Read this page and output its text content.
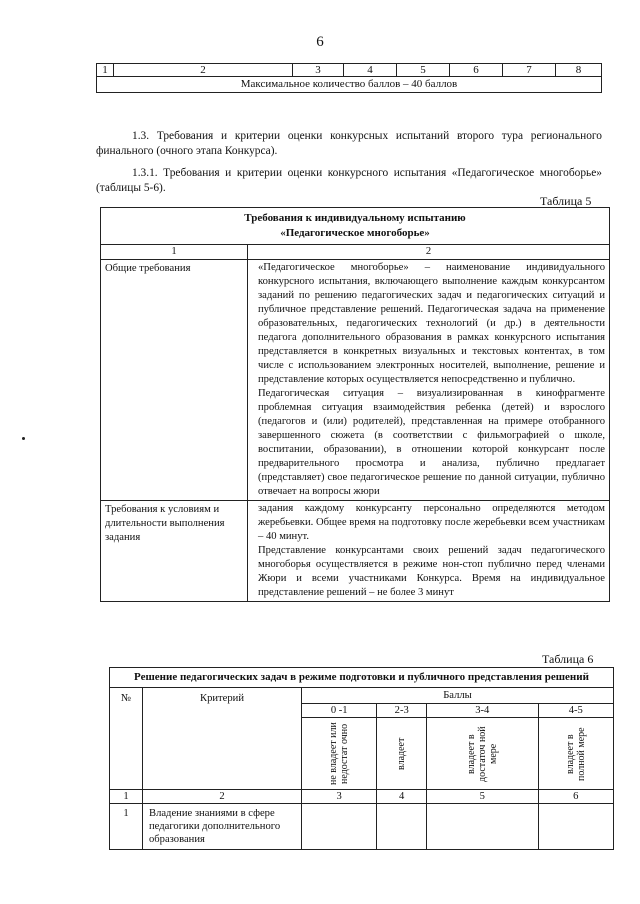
6
1	2	3	4	5	6	7	8
Максимальное количество баллов – 40 баллов
1.3. Требования и критерии оценки конкурсных испытаний второго тура регионального финального (очного этапа Конкурса).
1.3.1. Требования и критерии оценки конкурсного испытания «Педагогическое многоборье» (таблицы 5-6).
Таблица 5
Требования к индивидуальному испытанию
«Педагогическое многоборье»	

1	2
Общие требования	«Педагогическое многоборье» – наименование индивидуального конкурсного испытания, включающего выполнение каждым конкурсантом заданий по решению педагогических задач и педагогических ситуаций и публичное представление решений. Педагогическая задача на применение образовательных, педагогических технологий (и др.) в деятельности педагога дополнительного образования в рамках конкурсного испытания представляется в конкретных визуальных и текстовых контентах, в том числе с использованием электронных носителей, выполнение, решение и представление которых осуществляется непосредственно и публично.
Педагогическая ситуация – визуализированная в кинофрагменте проблемная ситуация взаимодействия ребенка (детей) и взрослого (педагогов и (или) родителей), представленная на примере отобранного завершенного сюжета (в соответствии с фильмографией о школе, воспитании, образовании), в отношении которой конкурсант после предварительного просмотра и анализа, публично предлагает (представляет) свое педагогическое решение по данной ситуации, публично отвечает на вопросы жюри

Требования к условиям и длительности выполнения задания	задания каждому конкурсанту персонально определяются методом жеребьевки. Общее время на подготовку после жеребьевки всем участникам – 40 минут.
Представление конкурсантами своих решений задач педагогического многоборья осуществляется в режиме нон-стоп публично перед членами Жюри и всеми участниками Конкурса. Время на индивидуальное представление решений – не более 3 минут
Таблица 6
Решение педагогических задач в режиме подготовки и публичного представления решений					
№	Критерий	Баллы			
		0 -1	2-3	3-4	4-5

		не владеет или недостат очно	владеет	владеет в достаточ ной мере	владеет в полной мере

1	2	3	4	5	6
1	Владение знаниями в сфере педагогики дополнительного образования				
